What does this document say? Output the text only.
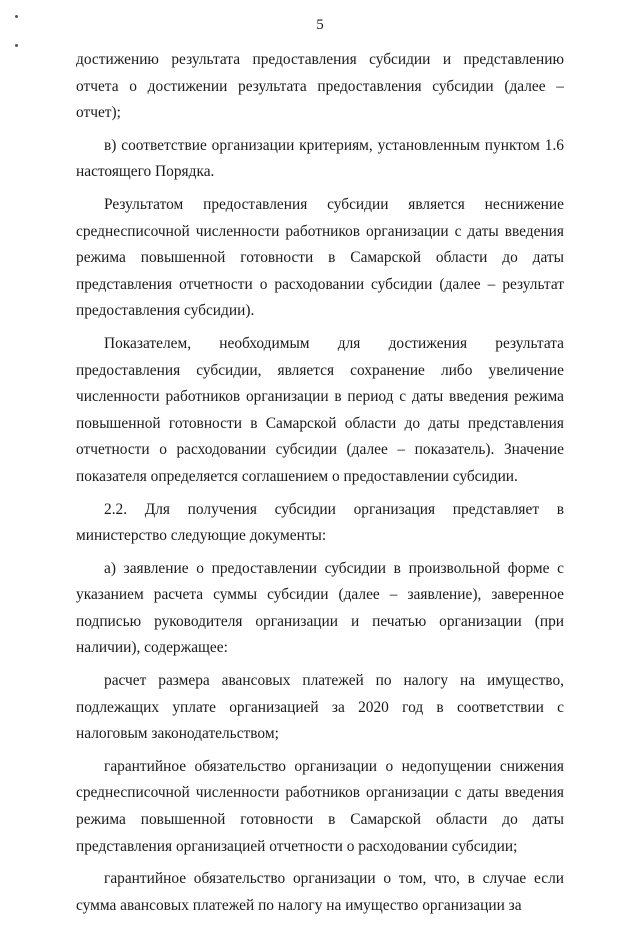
5

достижению результата предоставления субсидии и представлению отчета о достижении результата предоставления субсидии (далее – отчет);

в) соответствие организации критериям, установленным пунктом 1.6 настоящего Порядка.

Результатом предоставления субсидии является неснижение среднесписочной численности работников организации с даты введения режима повышенной готовности в Самарской области до даты представления отчетности о расходовании субсидии (далее – результат предоставления субсидии).

Показателем, необходимым для достижения результата предоставления субсидии, является сохранение либо увеличение численности работников организации в период с даты введения режима повышенной готовности в Самарской области до даты представления отчетности о расходовании субсидии (далее – показатель). Значение показателя определяется соглашением о предоставлении субсидии.

2.2. Для получения субсидии организация представляет в министерство следующие документы:

а) заявление о предоставлении субсидии в произвольной форме с указанием расчета суммы субсидии (далее – заявление), заверенное подписью руководителя организации и печатью организации (при наличии), содержащее:

расчет размера авансовых платежей по налогу на имущество, подлежащих уплате организацией за 2020 год в соответствии с налоговым законодательством;

гарантийное обязательство организации о недопущении снижения среднесписочной численности работников организации с даты введения режима повышенной готовности в Самарской области до даты представления организацией отчетности о расходовании субсидии;

гарантийное обязательство организации о том, что, в случае если сумма авансовых платежей по налогу на имущество организации за
